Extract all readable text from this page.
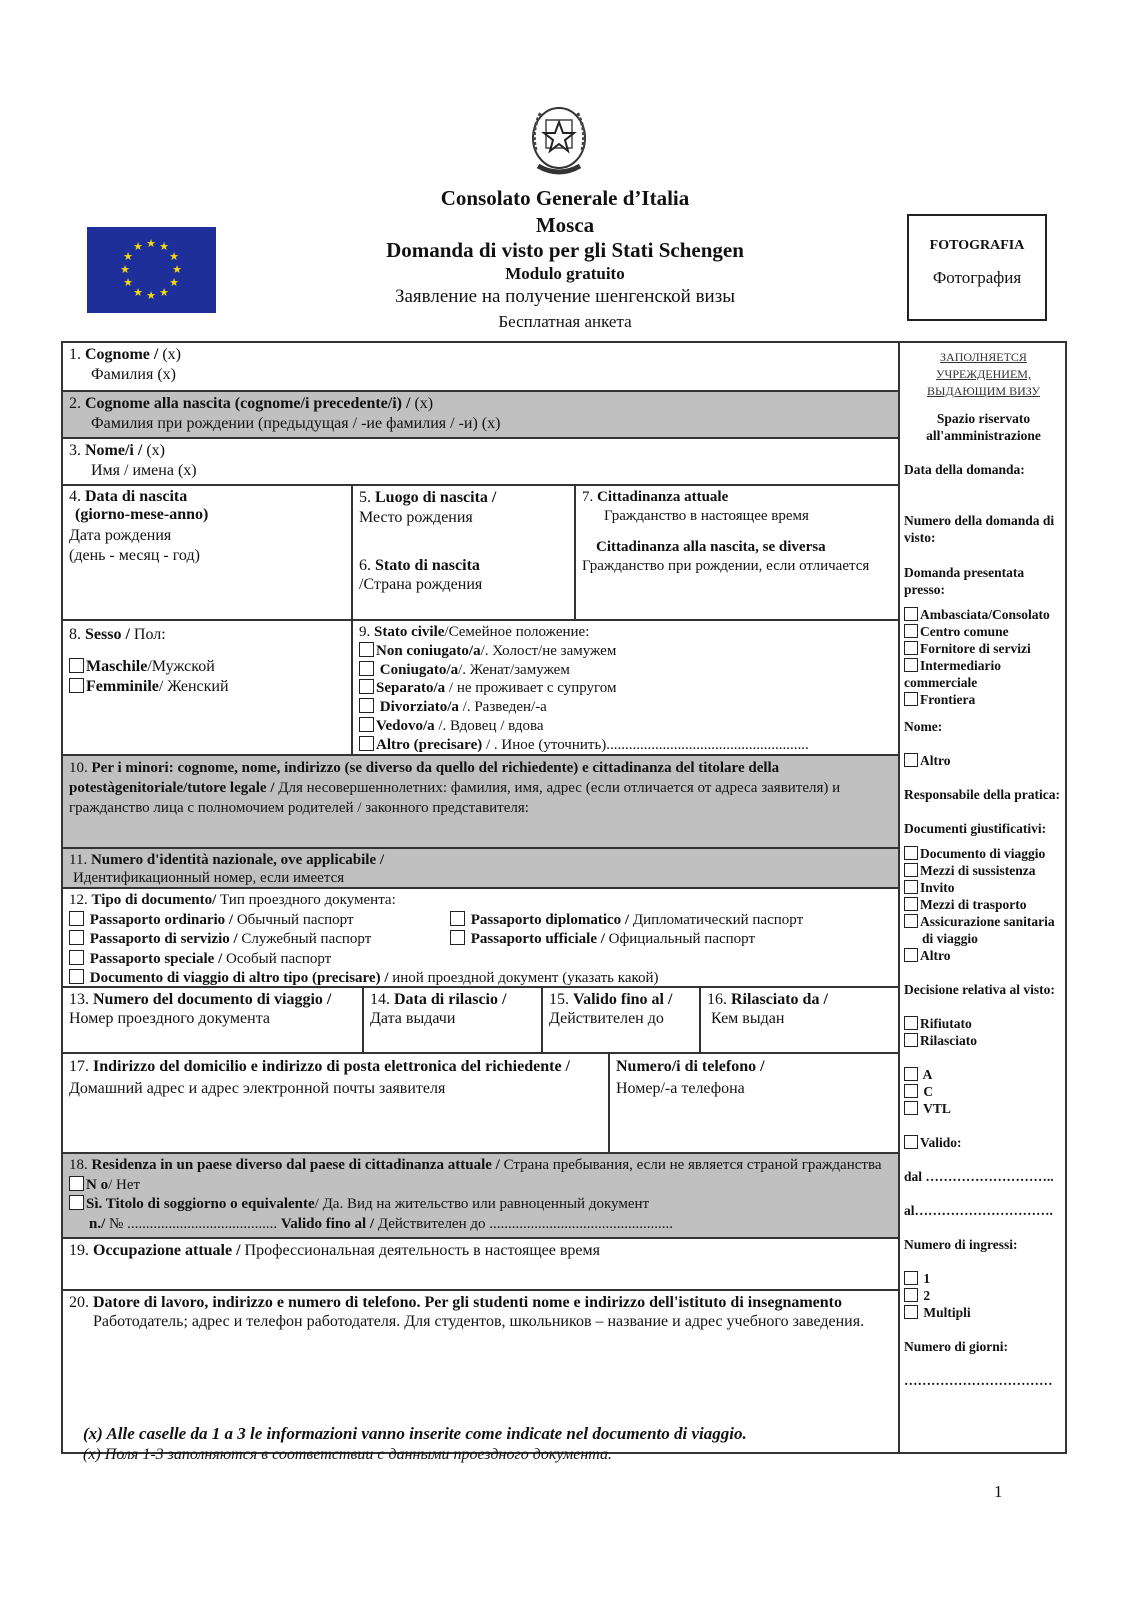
★ ★
★
★
★
★
★
★
★
★
★
★
Consolato Generale d’Italia
Mosca
Domanda di visto per gli Stati Schengen
Modulo gratuito
Заявление на получение шенгенской визы
Бесплатная анкета
FOTOGRAFIA
Фотография
1. Cognome / (x)
Фамилия (x)
2. Cognome alla nascita (cognome/i precedente/i) / (x)
Фамилия при рождении (предыдущая / -ие фамилия / -и) (x)
3. Nome/i / (x)
Имя / имена (x)
4. Data di nascita
(giorno-mese-anno)
Дата рождения
(день - месяц - год)
5. Luogo di nascita /
Место рождения
6. Stato di nascita
/Страна рождения
7. Cittadinanza attuale
Гражданство в настоящее время
Cittadinanza alla nascita, se diversa
Гражданство при рождении, если отличается
8. Sesso / Пол:
Maschile/Мужской
Femminile/ Женский
9. Stato civile/Семейное положение:
Non coniugato/a/. Холост/не замужем
Coniugato/a/. Женат/замужем
Separato/a / не проживает с супругом
Divorziato/a /. Разведен/-а
Vedovo/a /. Вдовец / вдова
Altro (precisare) / . Иное (уточнить)......................................................
10. Per i minori: cognome, nome, indirizzo (se diverso da quello del richiedente) e cittadinanza del titolare della potestàgenitoriale/tutore legale / Для несовершеннолетних: фамилия, имя, адрес (если отличается от адреса заявителя) и гражданство лица с полномочием родителей / законного представителя:
11. Numero d'identità nazionale, ove applicabile /
Идентификационный номер, если имеется
12. Tipo di documento/ Тип проездного документа:
Passaporto ordinario / Обычный паспорт	Passaporto diplomatico / Дипломатический паспорт
Passaporto di servizio / Служебный паспорт	Passaporto ufficiale / Официальный паспорт
Passaporto speciale / Особый паспорт
Documento di viaggio di altro tipo (precisare) / иной проездной документ (указать какой)
13. Numero del documento di viaggio /
Номер проездного документа
14. Data di rilascio /
Дата выдачи
15. Valido fino al /
Действителен до
16. Rilasciato da /
Кем выдан
17. Indirizzo del domicilio e indirizzo di posta elettronica del richiedente /Домашний адрес и адрес электронной почты заявителя
Numero/i di telefono /
Номер/-а телефона
18. Residenza in un paese diverso dal paese di cittadinanza attuale / Страна пребывания, если не является страной гражданства N o/ Нет
Sì. Titolo di soggiorno o equivalente/ Да. Вид на жительство или равноценный документ
n./ № ........................................ Valido fino al / Действителен до .................................................
19. Occupazione attuale / Профессиональная деятельность в настоящее время
20. Datore di lavoro, indirizzo e numero di telefono. Per gli studenti nome e indirizzo dell'istituto di insegnamento
Работодатель; адрес и телефон работодателя. Для студентов, школьников – название и адрес учебного заведения.

ЗАПОЛНЯЕТСЯ УЧРЕЖДЕНИЕМ, ВЫДАЮЩИМ ВИЗУ

Spazio riservato all'amministrazione

Data della domanda:

Numero della domanda di visto:

Domanda presentata presso:

Ambasciata/Consolato

Centro comune

Fornitore di servizi

Intermediario commerciale

Frontiera

Nome:

Altro

Responsabile della pratica:

Documenti giustificativi:

Documento di viaggio

Mezzi di sussistenza

Invito

Mezzi di trasporto

Assicurazione sanitaria di viaggio

Altro

Decisione relativa al visto:

Rifiutato

Rilasciato

A

C

VTL

Valido:

dal ………………………..

al………………………….

Numero di ingressi:

1

2

Multipli

Numero di giorni:

……………………………

(x) Alle caselle da 1 a 3 le informazioni vanno inserite come indicate nel documento di viaggio.
(x) Поля 1-3 заполняются в соответствии с данными проездного документа.
1
